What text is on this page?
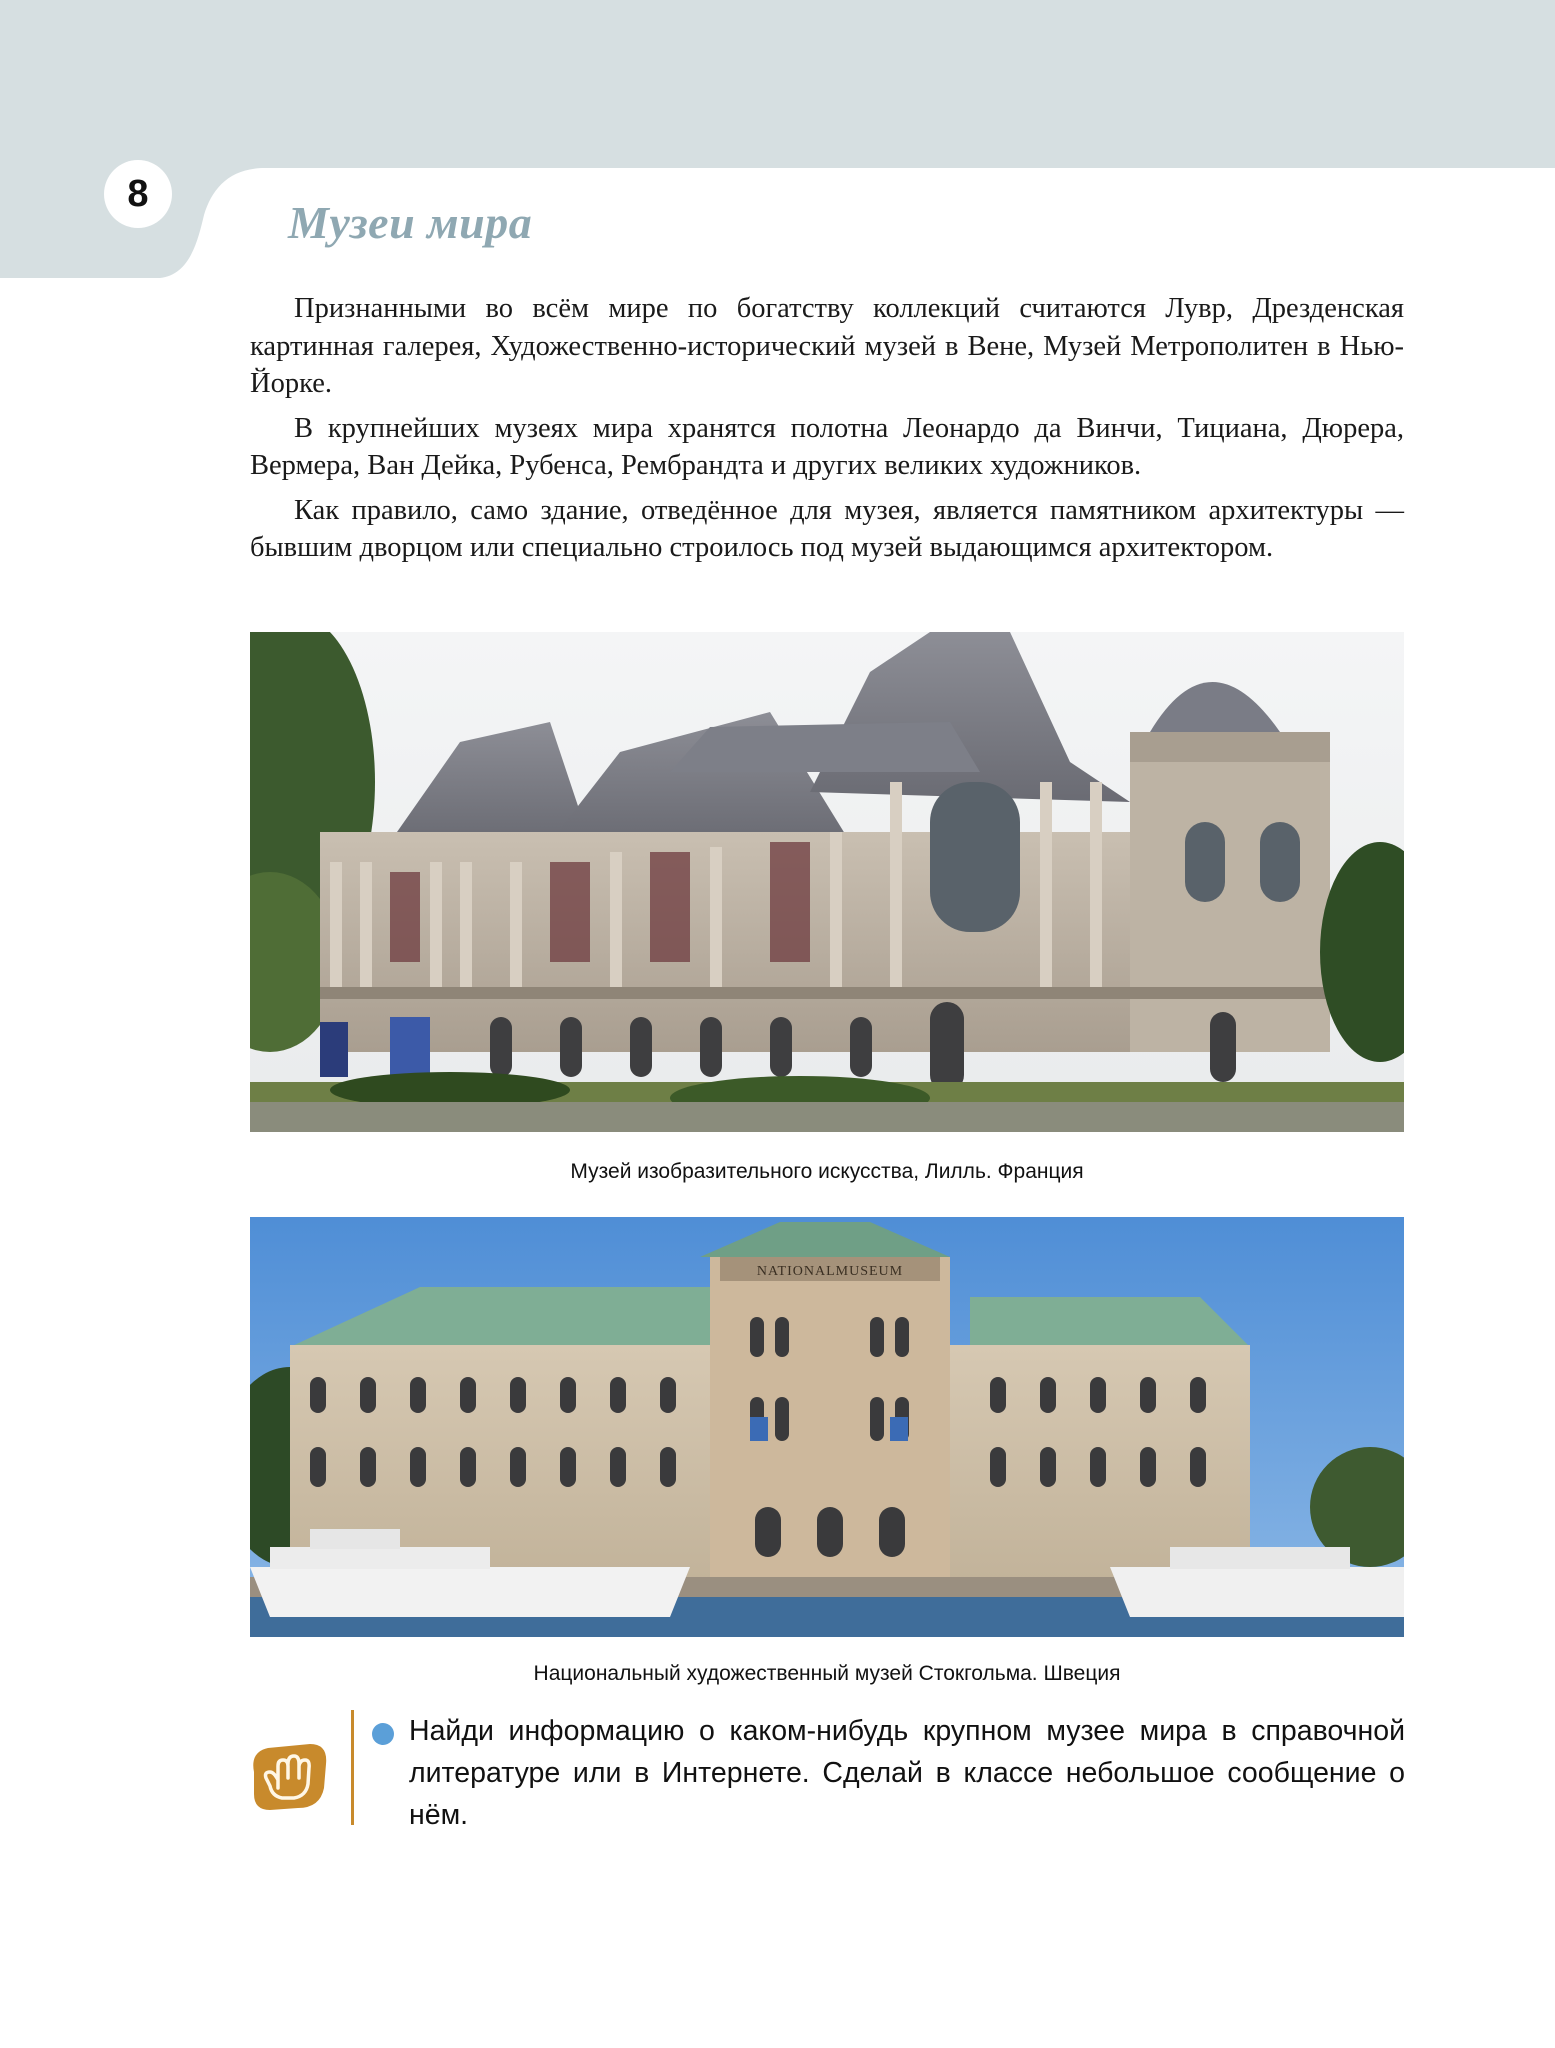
8
Музеи мира

Признанными во всём мире по богатству коллекций считаются Лувр, Дрезденская картинная галерея, Художественно-исторический музей в Вене, Музей Метрополитен в Нью-Йорке.

В крупнейших музеях мира хранятся полотна Леонардо да Винчи, Тициана, Дюрера, Вермера, Ван Дейка, Рубенса, Рембрандта и других великих художников.

Как правило, само здание, отведённое для музея, является памятником архитектуры — бывшим дворцом или специально строилось под музей выдающимся архитектором.

Музей изобразительного искусства, Лилль. Франция
NATIONALMUSEUM
Национальный художественный музей Стокгольма. Швеция
Найди информацию о каком-нибудь крупном музее мира в справочной литературе или в Интернете. Сделай в классе небольшое сообщение о нём.
